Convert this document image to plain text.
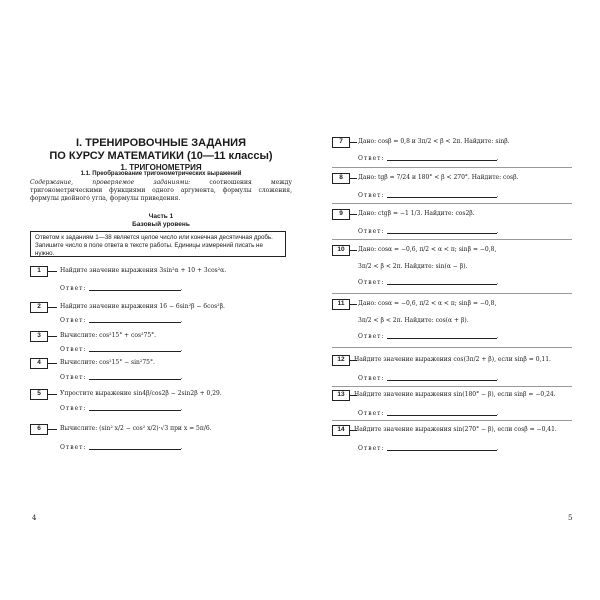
I. ТРЕНИРОВОЧНЫЕ ЗАДАНИЯ
ПО КУРСУ МАТЕМАТИКИ (10—11 классы)
1. ТРИГОНОМЕТРИЯ
1.1. Преобразование тригонометрических выражений
Содержание, проверяемое заданиями:	соотношения между тригонометрическими функциями одного аргумента, формулы сложения, формулы двойного угла, формулы приведения.
Часть 1
Базовый уровень
Ответом к заданиям 1—38 является целое число или конечная десятичная дробь. Запишите число в поле ответа в тексте работы. Единицы измерений писать не нужно.
1	Найдите значение выражения 3sin²α + 10 + 3cos²α.
Ответ:	.
2	Найдите значение выражения 16 − 6sin²β − 6cos²β.
Ответ:	.
3	Вычислите: cos²15° + cos²75°.
Ответ:	.
4	Вычислите: cos²15° − sin²75°.
Ответ:	.
5	Упростите выражение sin4β/cos2β − 2sin2β + 0,29.
Ответ:	.
6	Вычислите: (sin² x/2 − cos² x/2)·√3 при x = 5π/6.
Ответ:	.
4
7	Дано: cosβ = 0,8 и 3π/2 < β < 2π. Найдите: sinβ.
Ответ:	.
8	Дано: tgβ = 7/24 и 180° < β < 270°. Найдите: cosβ.
Ответ:	.
9	Дано: ctgβ = −1 1/3. Найдите: cos2β.
Ответ:	.
10	Дано: cosα = −0,6, π/2 < α < π; sinβ = −0,8,
3π/2 < β < 2π. Найдите: sin(α − β).
Ответ:	.
11	Дано: cosα = −0,6, π/2 < α < π; sinβ = −0,8,
3π/2 < β < 2π. Найдите: cos(α + β).
Ответ:	.
12	Найдите значение выражения cos(3π/2 + β), если sinβ = 0,11.
Ответ:	.
13	Найдите значение выражения sin(180° − β), если sinβ = −0,24.
Ответ:	.
14	Найдите значение выражения sin(270° − β), если cosβ = −0,41.
Ответ:	.
5
